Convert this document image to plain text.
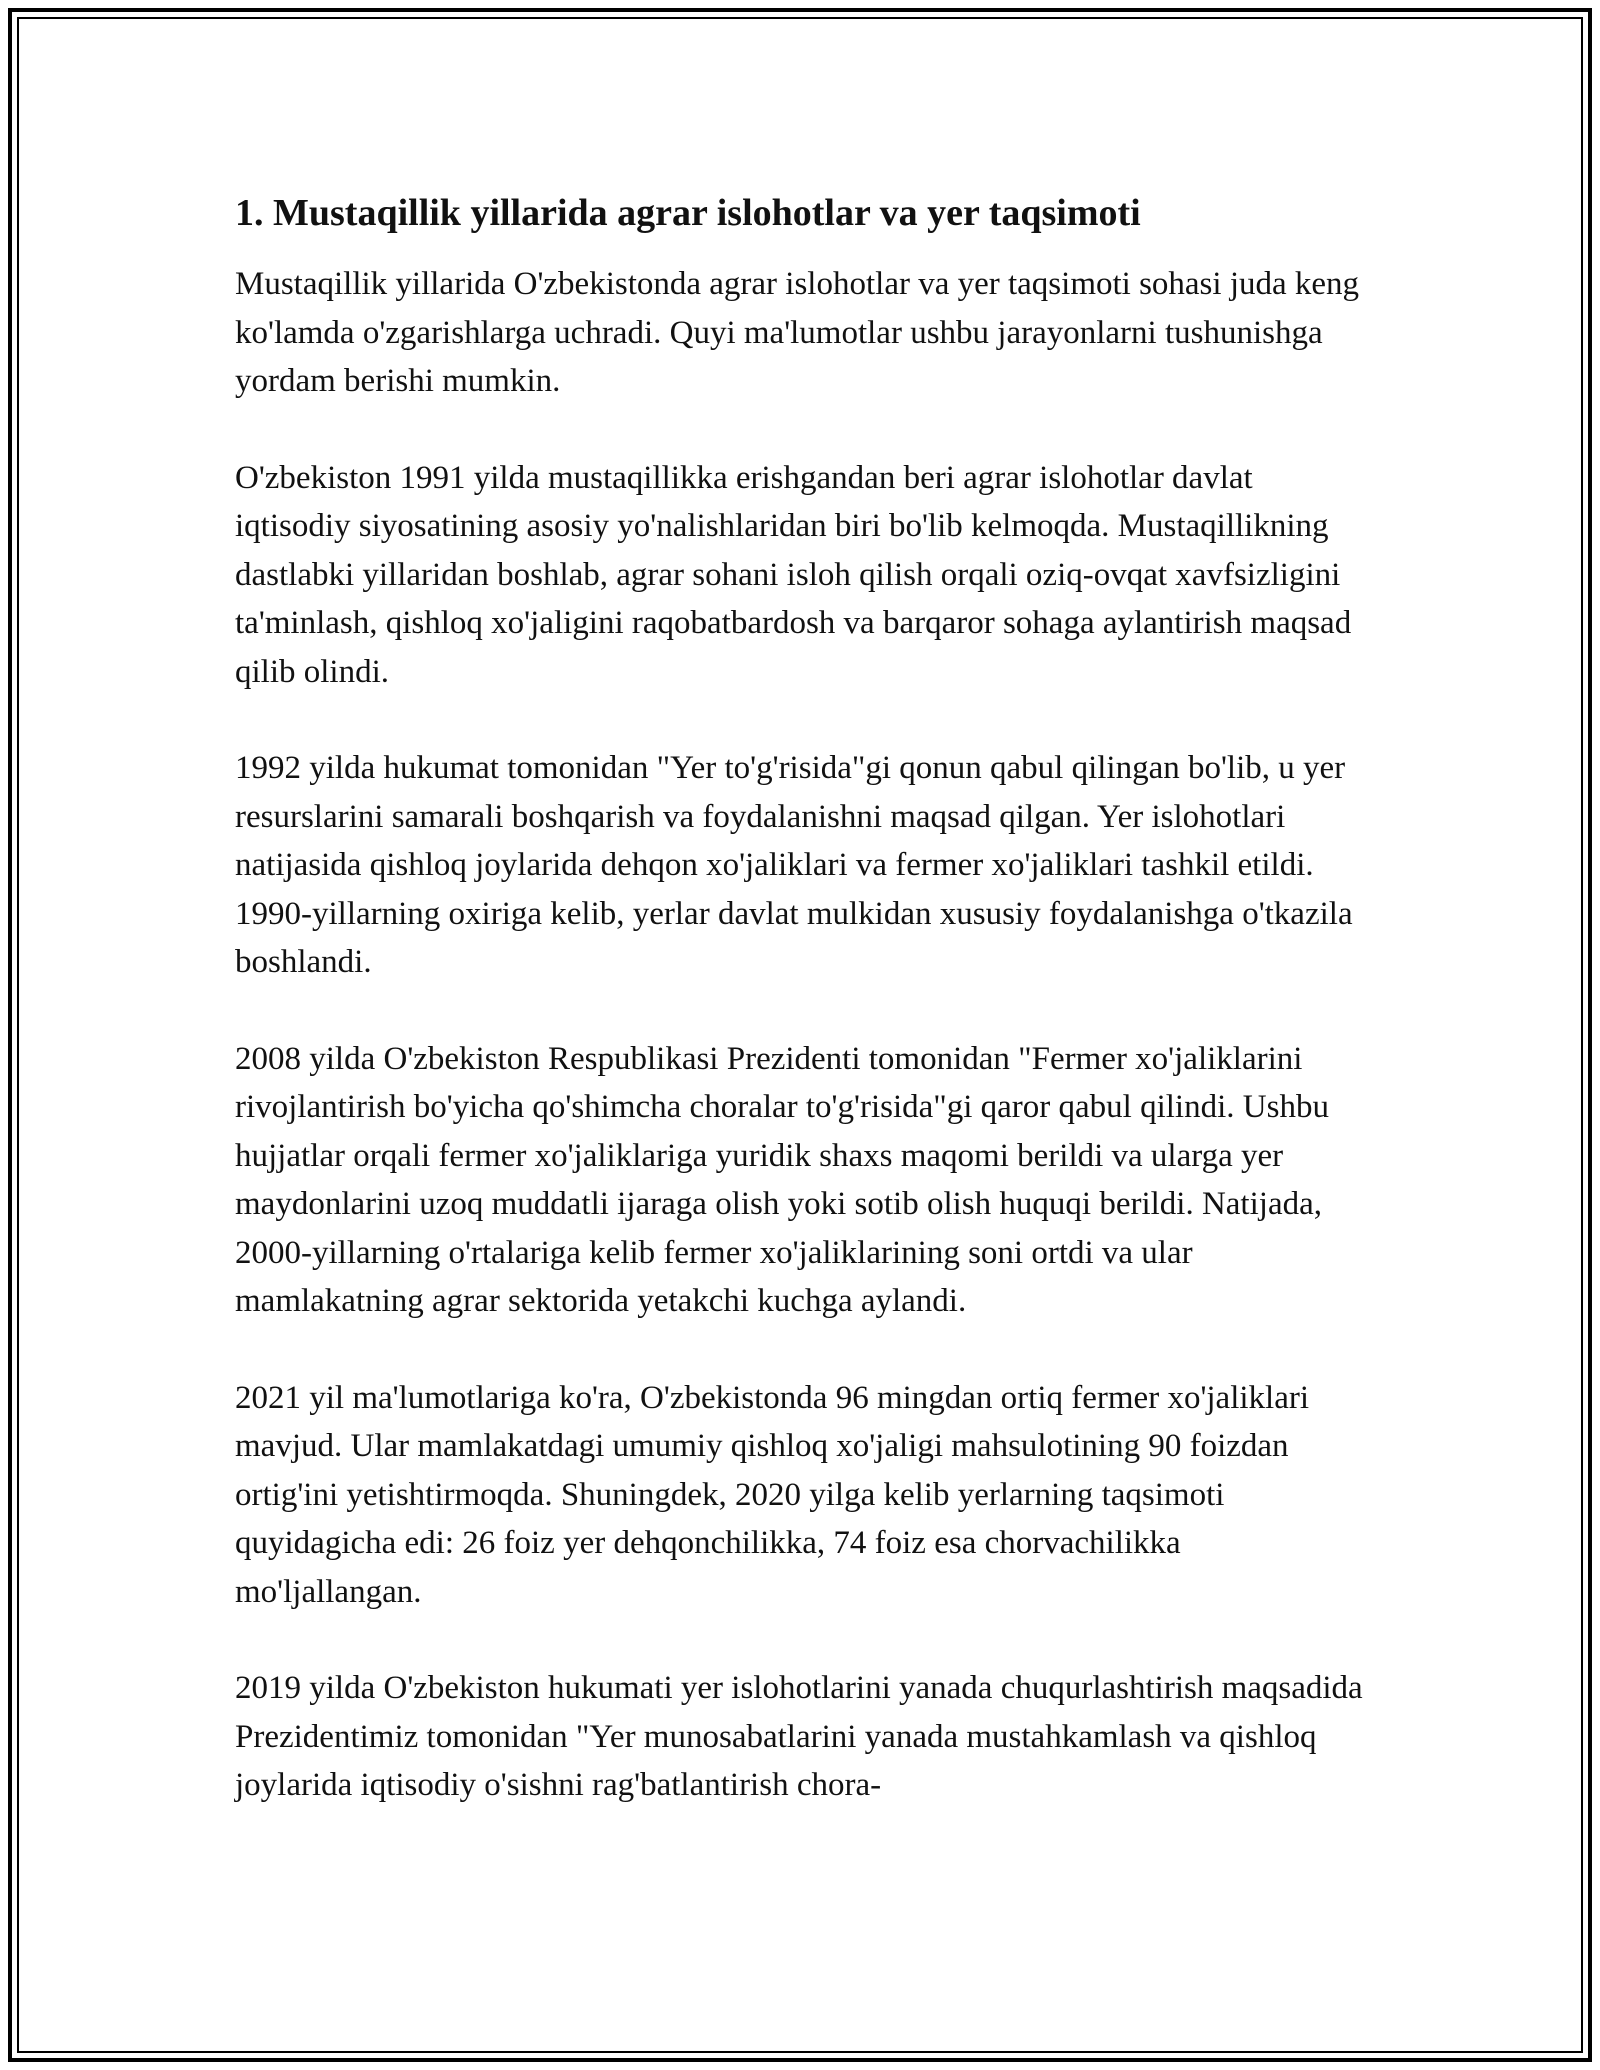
1. Mustaqillik yillarida agrar islohotlar va yer taqsimoti

Mustaqillik yillarida O'zbekistonda agrar islohotlar va yer taqsimoti sohasi juda keng ko'lamda o'zgarishlarga uchradi. Quyi ma'lumotlar ushbu jarayonlarni tushunishga yordam berishi mumkin.

O'zbekiston 1991 yilda mustaqillikka erishgandan beri agrar islohotlar davlat iqtisodiy siyosatining asosiy yo'nalishlaridan biri bo'lib kelmoqda. Mustaqillikning dastlabki yillaridan boshlab, agrar sohani isloh qilish orqali oziq-ovqat xavfsizligini ta'minlash, qishloq xo'jaligini raqobatbardosh va barqaror sohaga aylantirish maqsad qilib olindi.

1992 yilda hukumat tomonidan "Yer to'g'risida"gi qonun qabul qilingan bo'lib, u yer resurslarini samarali boshqarish va foydalanishni maqsad qilgan. Yer islohotlari natijasida qishloq joylarida dehqon xo'jaliklari va fermer xo'jaliklari tashkil etildi. 1990-yillarning oxiriga kelib, yerlar davlat mulkidan xususiy foydalanishga o'tkazila boshlandi.

2008 yilda O'zbekiston Respublikasi Prezidenti tomonidan "Fermer xo'jaliklarini rivojlantirish bo'yicha qo'shimcha choralar to'g'risida"gi qaror qabul qilindi. Ushbu hujjatlar orqali fermer xo'jaliklariga yuridik shaxs maqomi berildi va ularga yer maydonlarini uzoq muddatli ijaraga olish yoki sotib olish huquqi berildi. Natijada, 2000-yillarning o'rtalariga kelib fermer xo'jaliklarining soni ortdi va ular mamlakatning agrar sektorida yetakchi kuchga aylandi.

2021 yil ma'lumotlariga ko'ra, O'zbekistonda 96 mingdan ortiq fermer xo'jaliklari mavjud. Ular mamlakatdagi umumiy qishloq xo'jaligi mahsulotining 90 foizdan ortig'ini yetishtirmoqda. Shuningdek, 2020 yilga kelib yerlarning taqsimoti quyidagicha edi: 26 foiz yer dehqonchilikka, 74 foiz esa chorvachilikka mo'ljallangan.

2019 yilda O'zbekiston hukumati yer islohotlarini yanada chuqurlashtirish maqsadida Prezidentimiz tomonidan "Yer munosabatlarini yanada mustahkamlash va qishloq joylarida iqtisodiy o'sishni rag'batlantirish chora-
